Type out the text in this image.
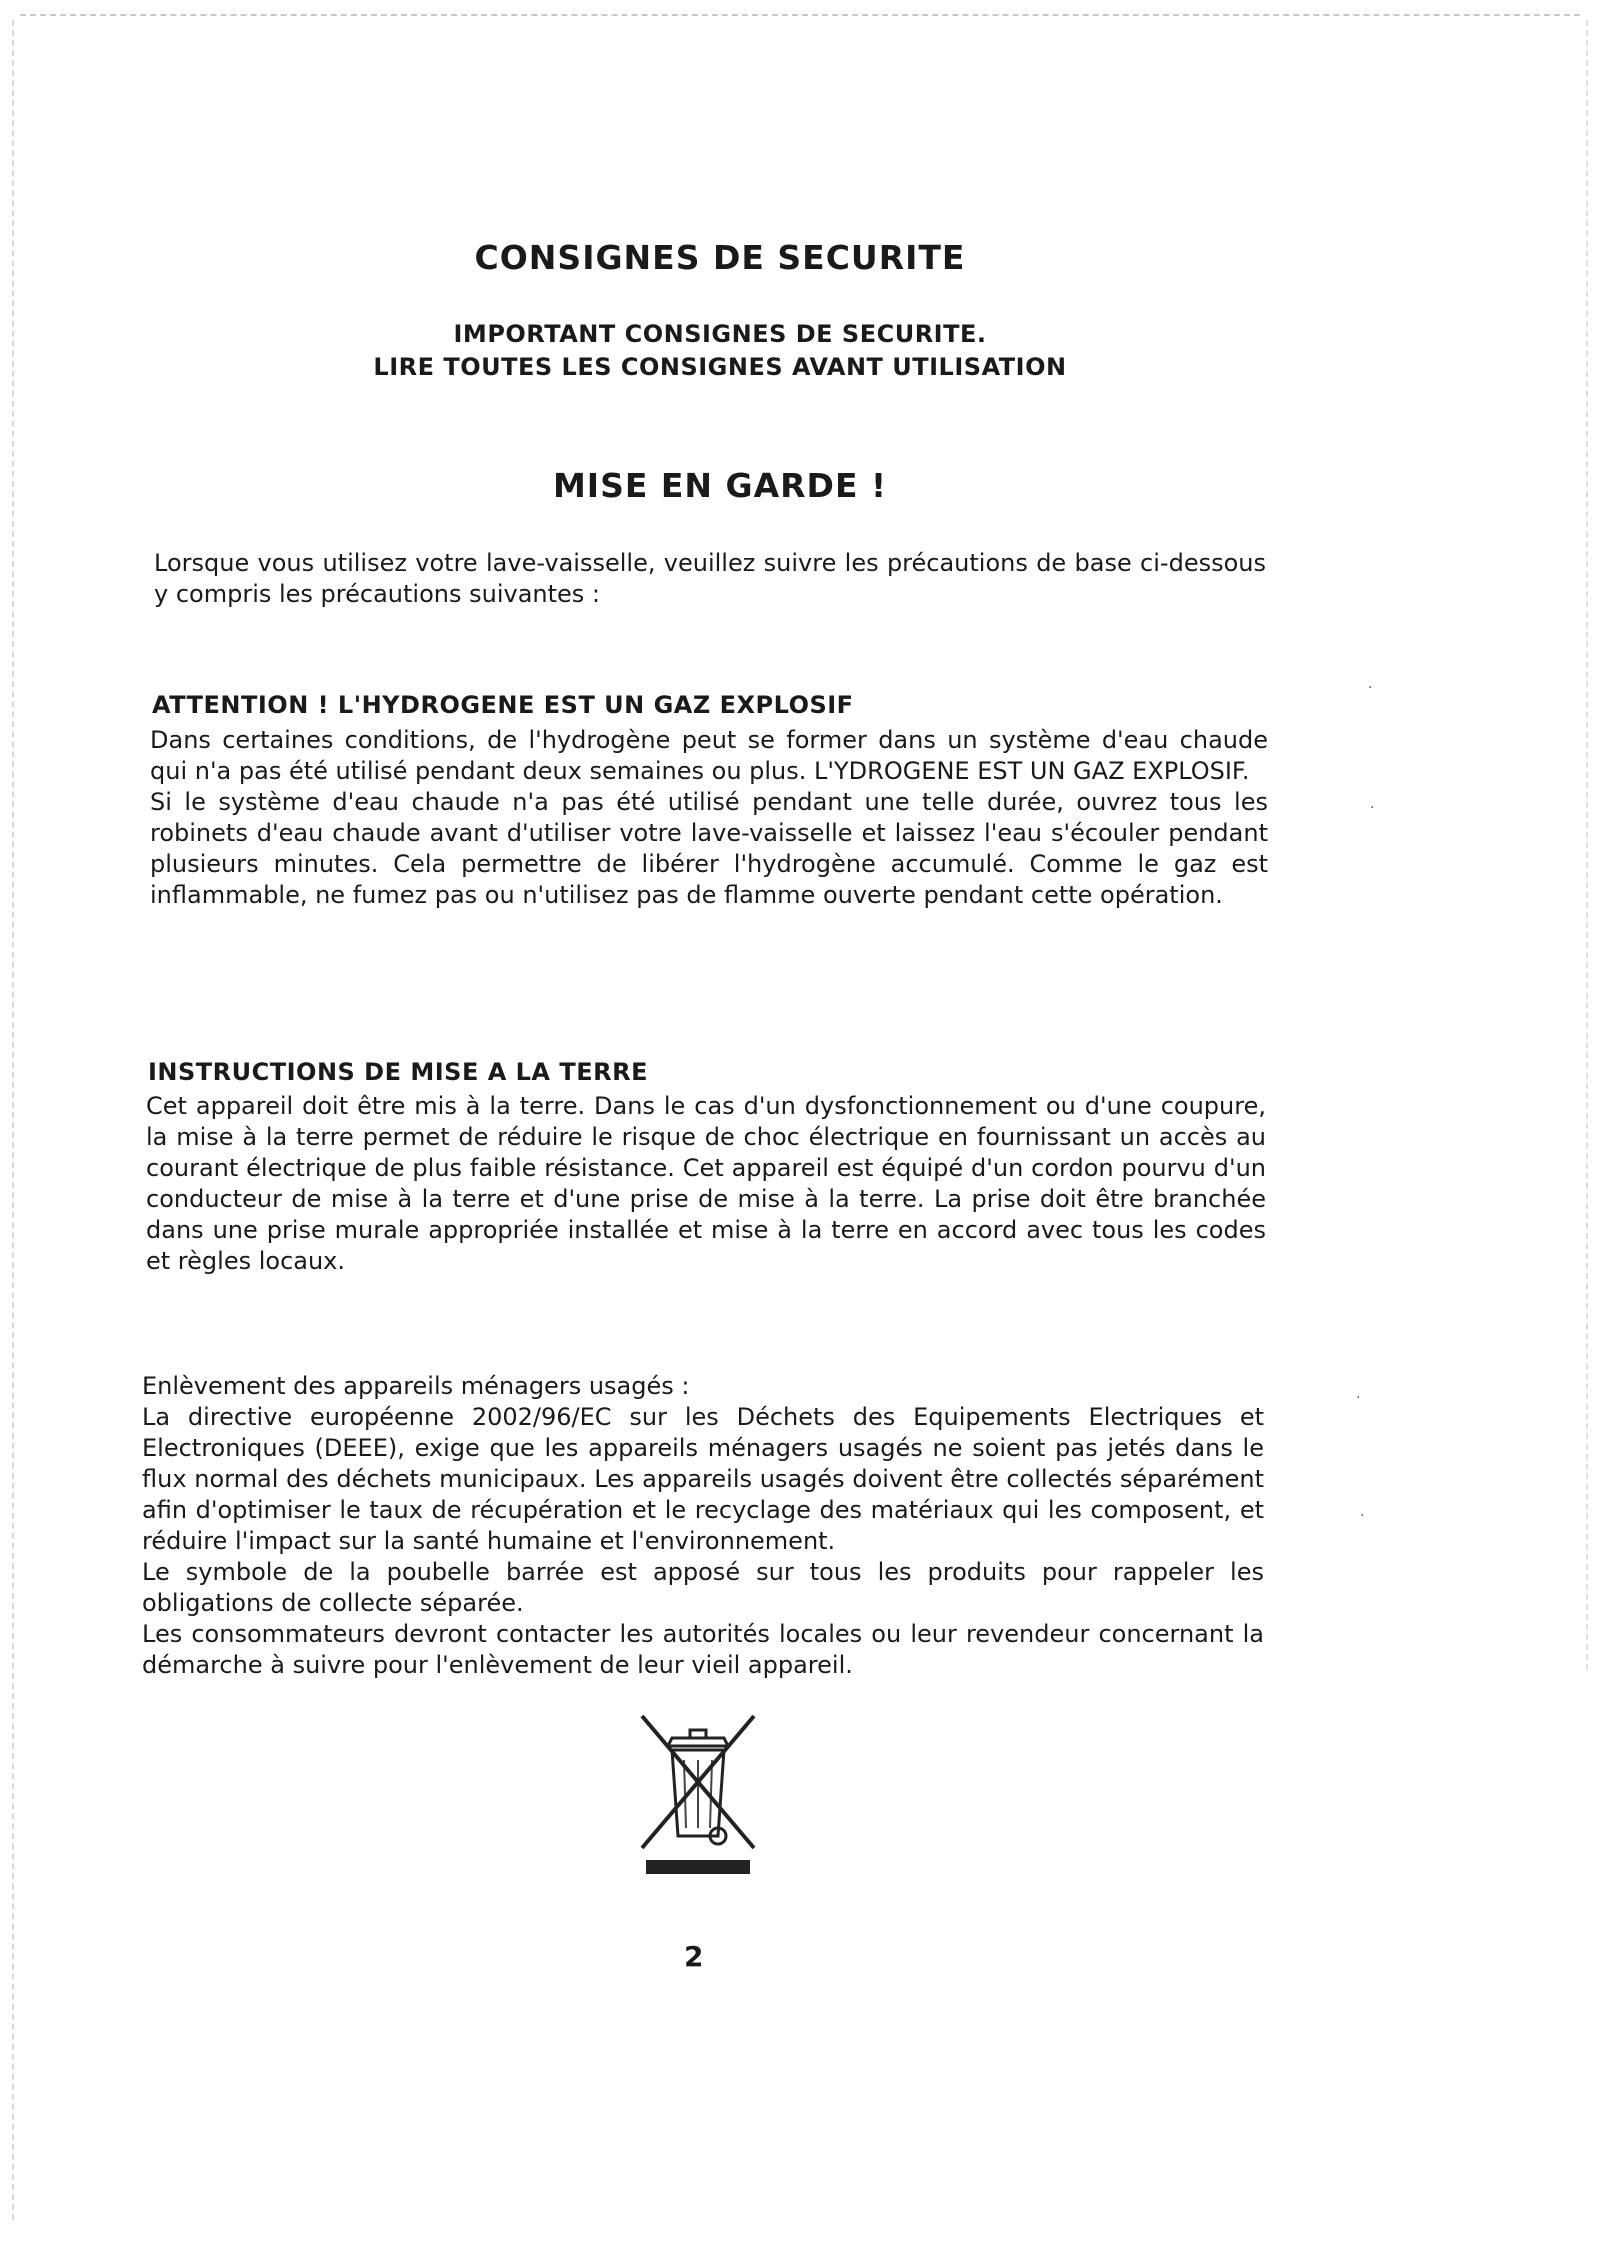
·
·
·
·
CONSIGNES DE SECURITE
IMPORTANT CONSIGNES DE SECURITE.
LIRE TOUTES LES CONSIGNES AVANT UTILISATION
MISE EN GARDE !

Lorsque vous utilisez votre lave-vaisselle, veuillez suivre les précautions de base ci-dessous y compris les précautions suivantes :

ATTENTION ! L'HYDROGENE EST UN GAZ EXPLOSIF
Dans certaines conditions, de l'hydrogène peut se former dans un système d'eau chaude qui n'a pas été utilisé pendant deux semaines ou plus. L'YDROGENE EST UN GAZ EXPLOSIF.
Si le système d'eau chaude n'a pas été utilisé pendant une telle durée, ouvrez tous les robinets d'eau chaude avant d'utiliser votre lave-vaisselle et laissez l'eau s'écouler pendant plusieurs minutes. Cela permettre de libérer l'hydrogène accumulé. Comme le gaz est inflammable, ne fumez pas ou n'utilisez pas de flamme ouverte pendant cette opération.
INSTRUCTIONS DE MISE A LA TERRE

Cet appareil doit être mis à la terre. Dans le cas d'un dysfonctionnement ou d'une coupure, la mise à la terre permet de réduire le risque de choc électrique en fournissant un accès au courant électrique de plus faible résistance. Cet appareil est équipé d'un cordon pourvu d'un conducteur de mise à la terre et d'une prise de mise à la terre. La prise doit être branchée dans une prise murale appropriée installée et mise à la terre en accord avec tous les codes et règles locaux.

Enlèvement des appareils ménagers usagés :
La directive européenne 2002/96/EC sur les Déchets des Equipements Electriques et Electroniques (DEEE), exige que les appareils ménagers usagés ne soient pas jetés dans le flux normal des déchets municipaux. Les appareils usagés doivent être collectés séparément afin d'optimiser le taux de récupération et le recyclage des matériaux qui les composent, et réduire l'impact sur la santé humaine et l'environnement.
Le symbole de la poubelle barrée est apposé sur tous les produits pour rappeler les obligations de collecte séparée.
Les consommateurs devront contacter les autorités locales ou leur revendeur concernant la démarche à suivre pour l'enlèvement de leur vieil appareil.
2
